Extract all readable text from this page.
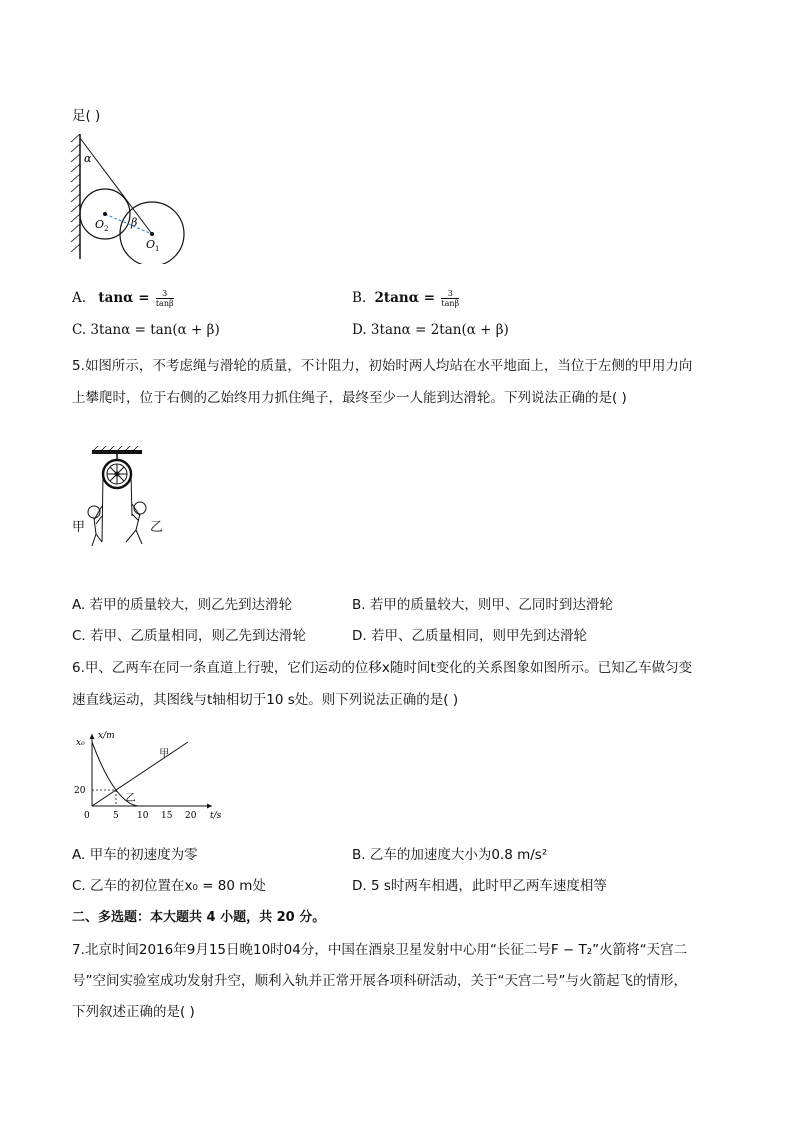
足( )
α
β
O 2
O 1
A. $\tan\alpha = \frac{3}{\tan\beta}$	B. $2\tan\alpha = \frac{3}{\tan\beta}$
C. 3tanα = tan(α + β)	D. 3tanα = 2tan(α + β)
5.如图所示，不考虑绳与滑轮的质量，不计阻力，初始时两人均站在水平地面上，当位于左侧的甲用力向
上攀爬时，位于右侧的乙始终用力抓住绳子，最终至少一人能到达滑轮。下列说法正确的是( )
甲	乙
A. 若甲的质量较大，则乙先到达滑轮	B. 若甲的质量较大，则甲、乙同时到达滑轮
C. 若甲、乙质量相同，则乙先到达滑轮	D. 若甲、乙质量相同，则甲先到达滑轮
6.甲、乙两车在同一条直道上行驶，它们运动的位移x随时间t变化的关系图象如图所示。已知乙车做匀变
速直线运动，其图线与t轴相切于10 s处。则下列说法正确的是( )
x/m
t/s
0	5 10 15 20
20
x₀
甲
乙
A. 甲车的初速度为零	B. 乙车的加速度大小为0.8 m/s²
C. 乙车的初位置在x₀ = 80 m处	D. 5 s时两车相遇，此时甲乙两车速度相等
二、多选题：本大题共 4 小题，共 20 分。
7.北京时间2016年9月15日晚10时04分，中国在酒泉卫星发射中心用“长征二号F − T₂”火箭将“天宫二
号”空间实验室成功发射升空，顺利入轨并正常开展各项科研活动，关于“天宫二号”与火箭起飞的情形，
下列叙述正确的是( )
